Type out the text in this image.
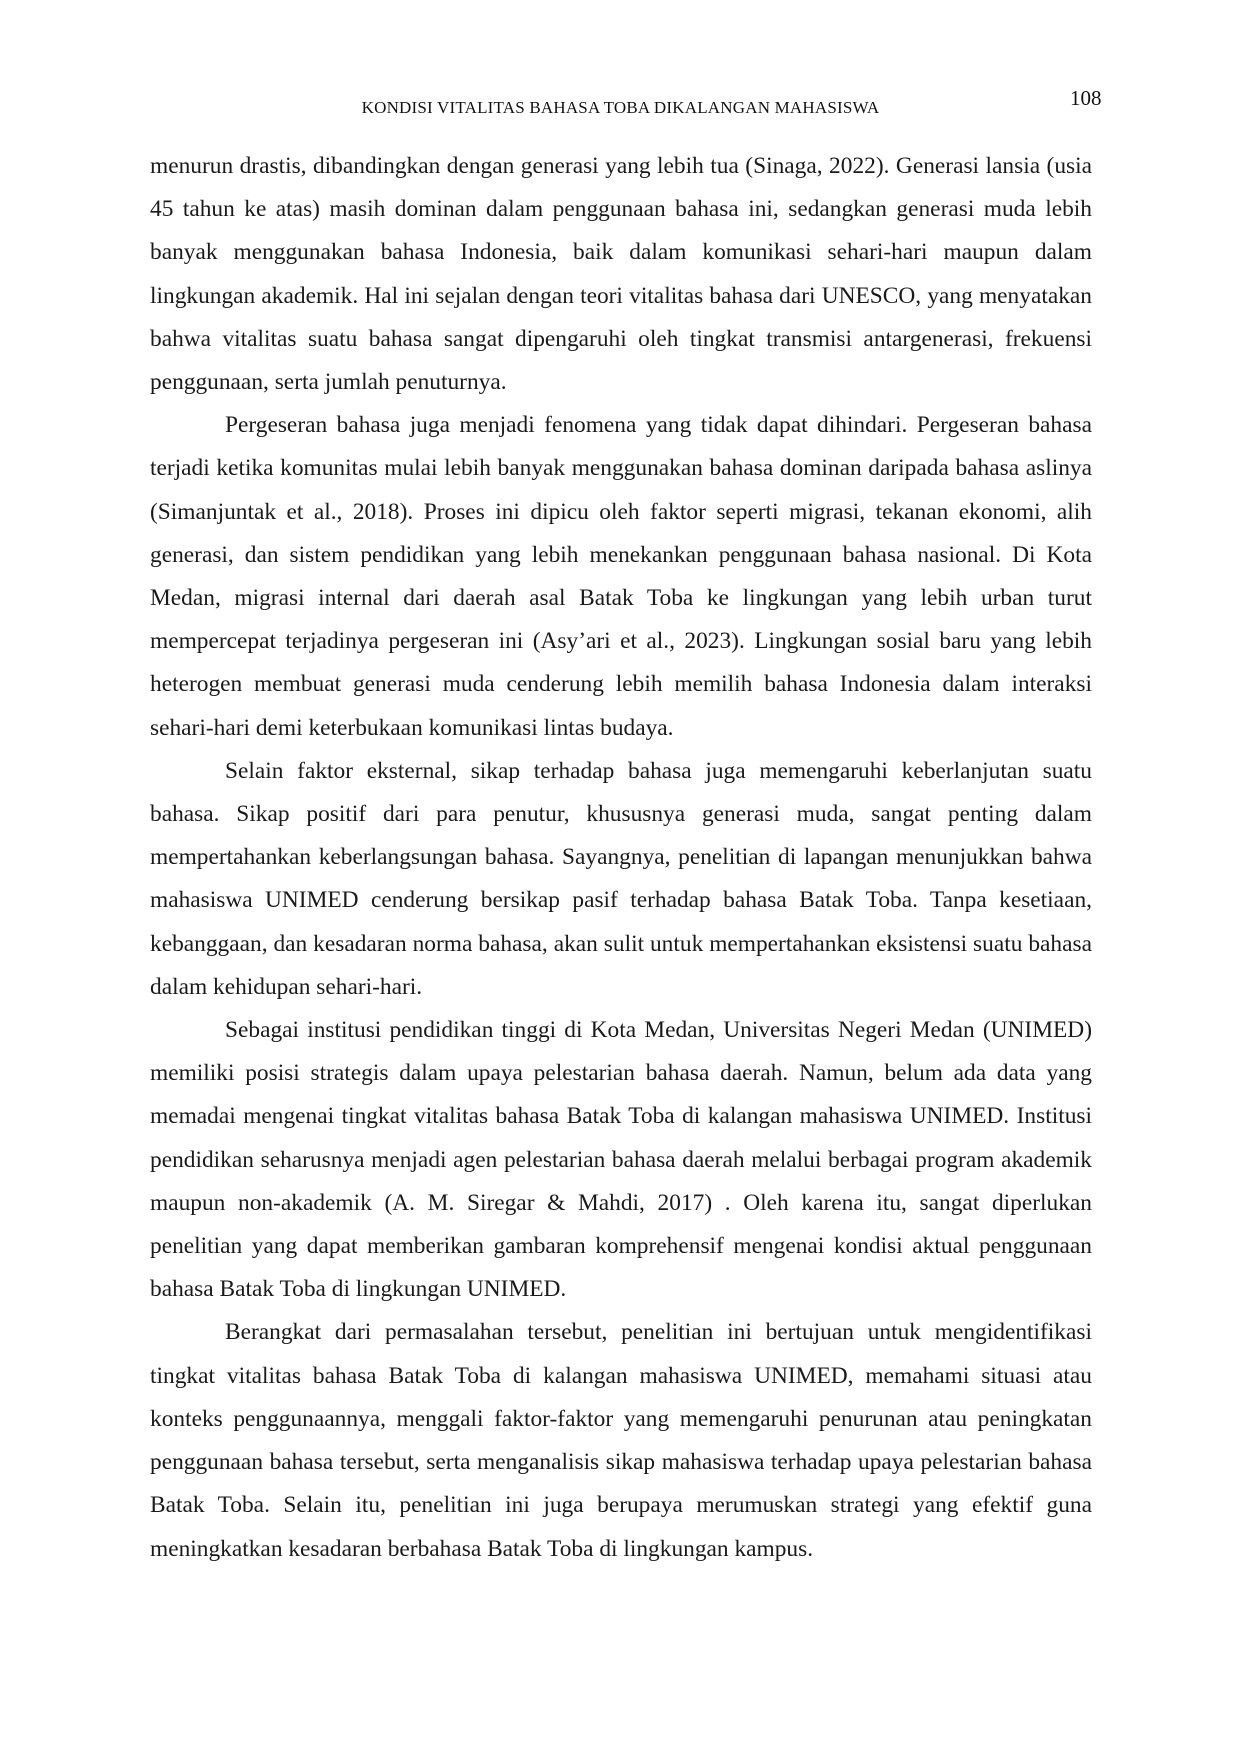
KONDISI VITALITAS BAHASA TOBA DIKALANGAN MAHASISWA	108

menurun drastis, dibandingkan dengan generasi yang lebih tua (Sinaga, 2022). Generasi lansia (usia 45 tahun ke atas) masih dominan dalam penggunaan bahasa ini, sedangkan generasi muda lebih banyak menggunakan bahasa Indonesia, baik dalam komunikasi sehari-hari maupun dalam lingkungan akademik. Hal ini sejalan dengan teori vitalitas bahasa dari UNESCO, yang menyatakan bahwa vitalitas suatu bahasa sangat dipengaruhi oleh tingkat transmisi antargenerasi, frekuensi penggunaan, serta jumlah penuturnya.

Pergeseran bahasa juga menjadi fenomena yang tidak dapat dihindari. Pergeseran bahasa terjadi ketika komunitas mulai lebih banyak menggunakan bahasa dominan daripada bahasa aslinya (Simanjuntak et al., 2018). Proses ini dipicu oleh faktor seperti migrasi, tekanan ekonomi, alih generasi, dan sistem pendidikan yang lebih menekankan penggunaan bahasa nasional. Di Kota Medan, migrasi internal dari daerah asal Batak Toba ke lingkungan yang lebih urban turut mempercepat terjadinya pergeseran ini (Asy’ari et al., 2023). Lingkungan sosial baru yang lebih heterogen membuat generasi muda cenderung lebih memilih bahasa Indonesia dalam interaksi sehari-hari demi keterbukaan komunikasi lintas budaya.

Selain faktor eksternal, sikap terhadap bahasa juga memengaruhi keberlanjutan suatu bahasa. Sikap positif dari para penutur, khususnya generasi muda, sangat penting dalam mempertahankan keberlangsungan bahasa. Sayangnya, penelitian di lapangan menunjukkan bahwa mahasiswa UNIMED cenderung bersikap pasif terhadap bahasa Batak Toba. Tanpa kesetiaan, kebanggaan, dan kesadaran norma bahasa, akan sulit untuk mempertahankan eksistensi suatu bahasa dalam kehidupan sehari-hari.

Sebagai institusi pendidikan tinggi di Kota Medan, Universitas Negeri Medan (UNIMED) memiliki posisi strategis dalam upaya pelestarian bahasa daerah. Namun, belum ada data yang memadai mengenai tingkat vitalitas bahasa Batak Toba di kalangan mahasiswa UNIMED. Institusi pendidikan seharusnya menjadi agen pelestarian bahasa daerah melalui berbagai program akademik maupun non-akademik (A. M. Siregar & Mahdi, 2017) . Oleh karena itu, sangat diperlukan penelitian yang dapat memberikan gambaran komprehensif mengenai kondisi aktual penggunaan bahasa Batak Toba di lingkungan UNIMED.

Berangkat dari permasalahan tersebut, penelitian ini bertujuan untuk mengidentifikasi tingkat vitalitas bahasa Batak Toba di kalangan mahasiswa UNIMED, memahami situasi atau konteks penggunaannya, menggali faktor-faktor yang memengaruhi penurunan atau peningkatan penggunaan bahasa tersebut, serta menganalisis sikap mahasiswa terhadap upaya pelestarian bahasa Batak Toba. Selain itu, penelitian ini juga berupaya merumuskan strategi yang efektif guna meningkatkan kesadaran berbahasa Batak Toba di lingkungan kampus.
